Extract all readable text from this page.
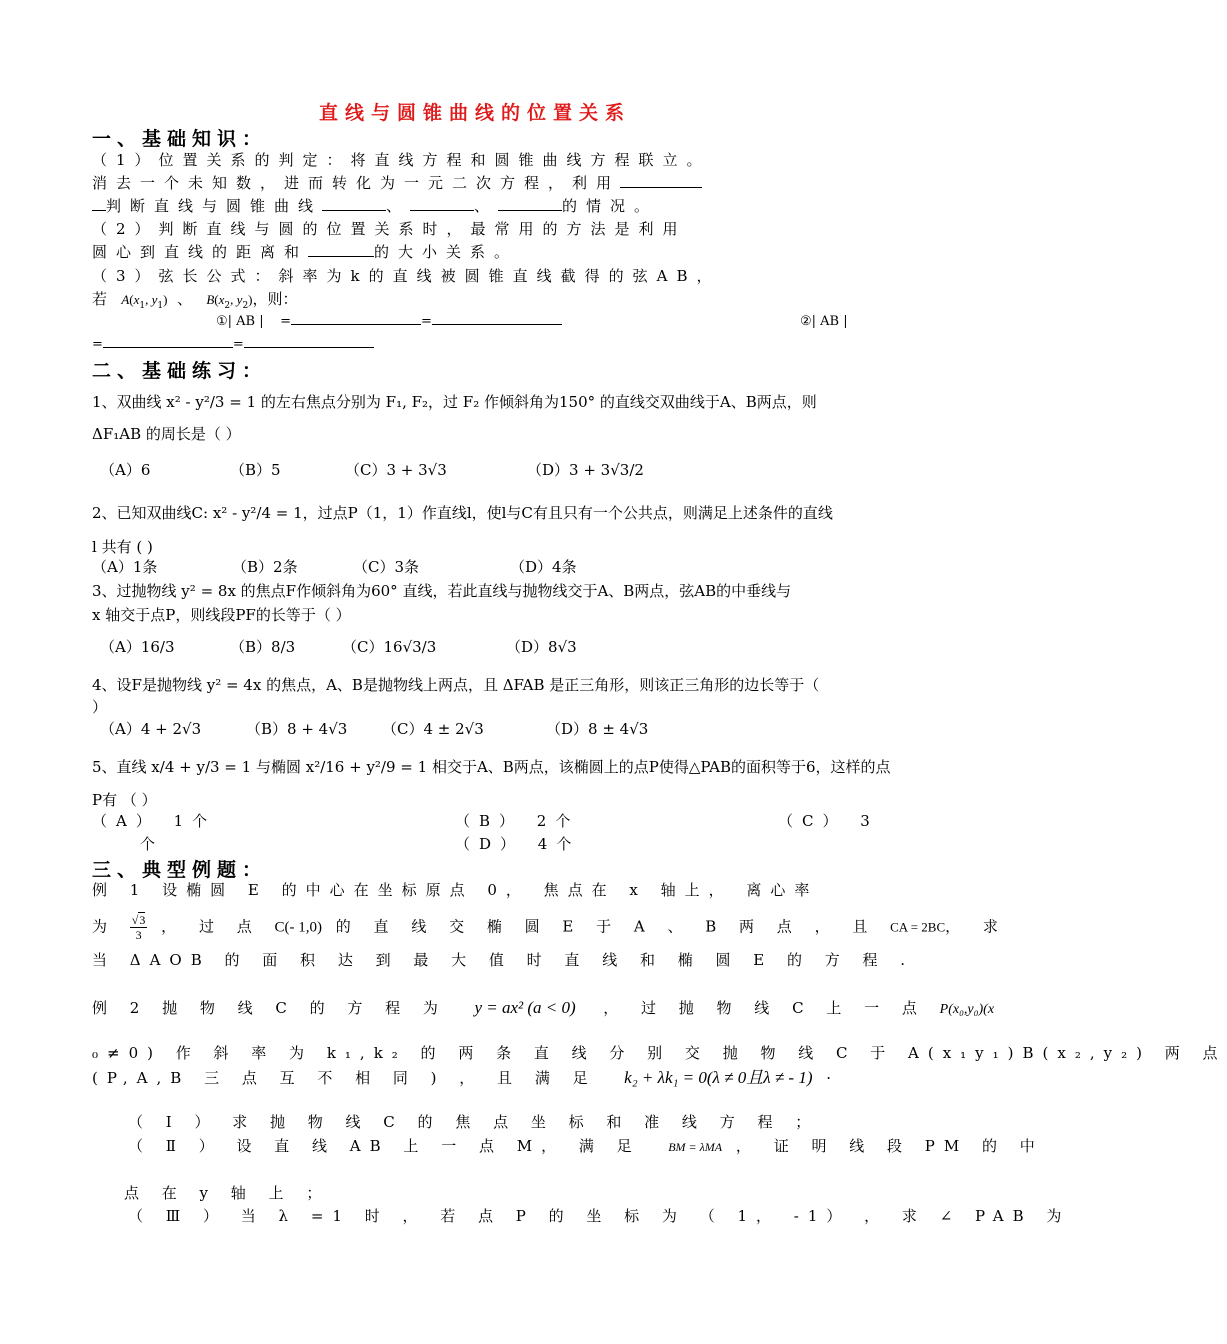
直线与圆锥曲线的位置关系
一、基础知识：
（1）位置关系的判定：将直线方程和圆锥曲线方程联立。
消去一个未知数，进而转化为一元二次方程，利用
判断直线与圆锥曲线	、	、	的情况。
（2）判断直线与圆的位置关系时，最常用的方法是利用
圆心到直线的距离和	的大小关系。
（3）弦长公式：斜率为k的直线被圆锥直线截得的弦AB，
若 $A(x_1$, $y_1$)  、   $B(x_2$, $y_2$)，则：
①| AB |    =	=	②| AB |
=	=
二、基础练习：
1、双曲线 x² - y²/3 = 1 的左右焦点分别为 F₁, F₂，过 F₂ 作倾斜角为150° 的直线交双曲线于A、B两点，则
ΔF₁AB 的周长是（ ）
（A）6	（B）5	（C）3 + 3√3	（D）3 + 3√3/2
2、已知双曲线C: x² - y²/4 = 1，过点P（1，1）作直线l，使l与C有且只有一个公共点，则满足上述条件的直线
l 共有 ( )
（A）1条	（B）2条	（C）3条	（D）4条
3、过抛物线 y² = 8x 的焦点F作倾斜角为60° 直线，若此直线与抛物线交于A、B两点，弦AB的中垂线与
x 轴交于点P，则线段PF的长等于（ ）
（A）16/3	（B）8/3	（C）16√3/3	（D）8√3
4、设F是抛物线 y² = 4x 的焦点，A、B是抛物线上两点，且 ΔFAB 是正三角形，则该正三角形的边长等于（
）
（A）4 + 2√3	（B）8 + 4√3 （C）4 ± 2√3	（D）8 ± 4√3
5、直线 x/4 + y/3 = 1 与椭圆 x²/16 + y²/9 = 1 相交于A、B两点，该椭圆上的点P使得△PAB的面积等于6，这样的点
P有 （ ）
（A） 1个	（B） 2个	（C） 3
个	（D） 4个
三、典型例题：
例 1 设椭圆 E 的中心在坐标原点 0， 焦点在 x 轴上， 离心率
为 $\frac{√3}{3}$ ， 过 点 C(- 1,0) 的 直 线 交 椭 圆 E 于 A 、 B 两 点 ， 且 CA = 2BC， 求
当 ΔAOB 的 面 积 达 到 最 大 值 时 直 线 和 椭 圆 E 的 方 程 .
例 2 抛 物 线 C 的 方 程 为 y = ax² (a < 0) ， 过 抛 物 线 C 上 一 点 P(x₀,y₀)(x
₀≠0) 作 斜 率 为 k₁,k₂ 的 两 条 直 线 分 别 交 抛 物 线 C 于 A(x₁y₁)B(x₂,y₂) 两 点
(P,A,B 三 点 互 不 相 同 ) ， 且 满 足 k₂ + λk₁ = 0(λ ≠ 0且λ ≠ - 1) ·
（ Ⅰ ） 求 抛 物 线 C 的 焦 点 坐 标 和 准 线 方 程 ；
（ Ⅱ ） 设 直 线 AB 上 一 点 M， 满 足 BM = λMA ， 证 明 线 段 PM 的 中
点 在 y 轴 上 ；
（ Ⅲ ） 当 λ =1 时 ， 若 点 P 的 坐 标 为 （ 1， -1） ， 求 ∠ PAB 为
